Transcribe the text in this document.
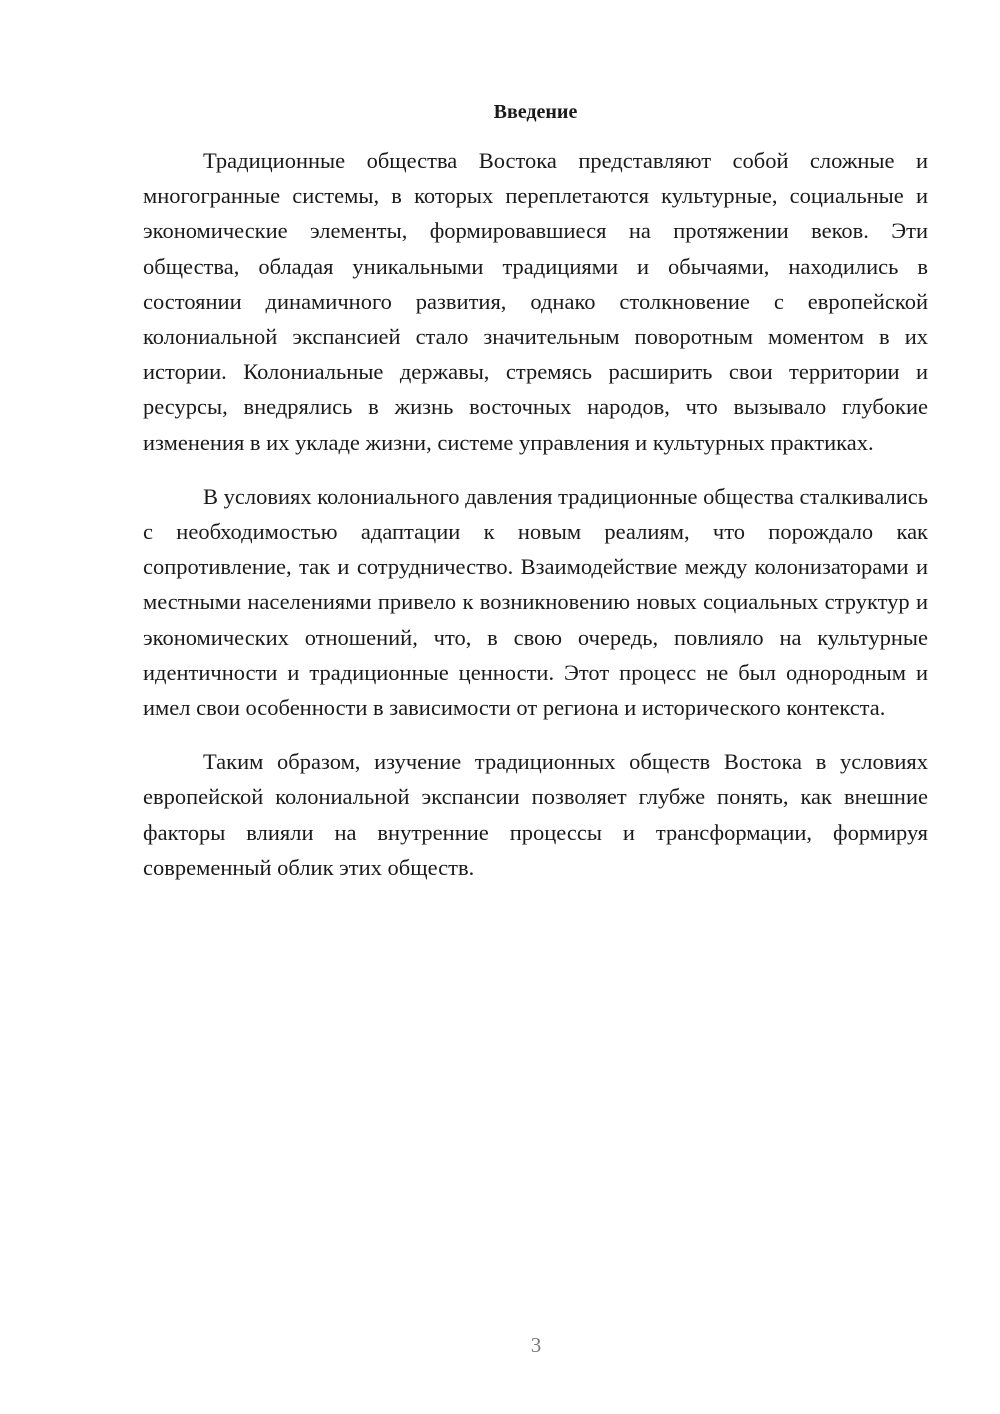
Введение

Традиционные общества Востока представляют собой сложные и многогранные системы, в которых переплетаются культурные, социальные и экономические элементы, формировавшиеся на протяжении веков. Эти общества, обладая уникальными традициями и обычаями, находились в состоянии динамичного развития, однако столкновение с европейской колониальной экспансией стало значительным поворотным моментом в их истории. Колониальные державы, стремясь расширить свои территории и ресурсы, внедрялись в жизнь восточных народов, что вызывало глубокие изменения в их укладе жизни, системе управления и культурных практиках.

В условиях колониального давления традиционные общества сталкивались с необходимостью адаптации к новым реалиям, что порождало как сопротивление, так и сотрудничество. Взаимодействие между колонизаторами и местными населениями привело к возникновению новых социальных структур и экономических отношений, что, в свою очередь, повлияло на культурные идентичности и традиционные ценности. Этот процесс не был однородным и имел свои особенности в зависимости от региона и исторического контекста.

Таким образом, изучение традиционных обществ Востока в условиях европейской колониальной экспансии позволяет глубже понять, как внешние факторы влияли на внутренние процессы и трансформации, формируя современный облик этих обществ.

3
